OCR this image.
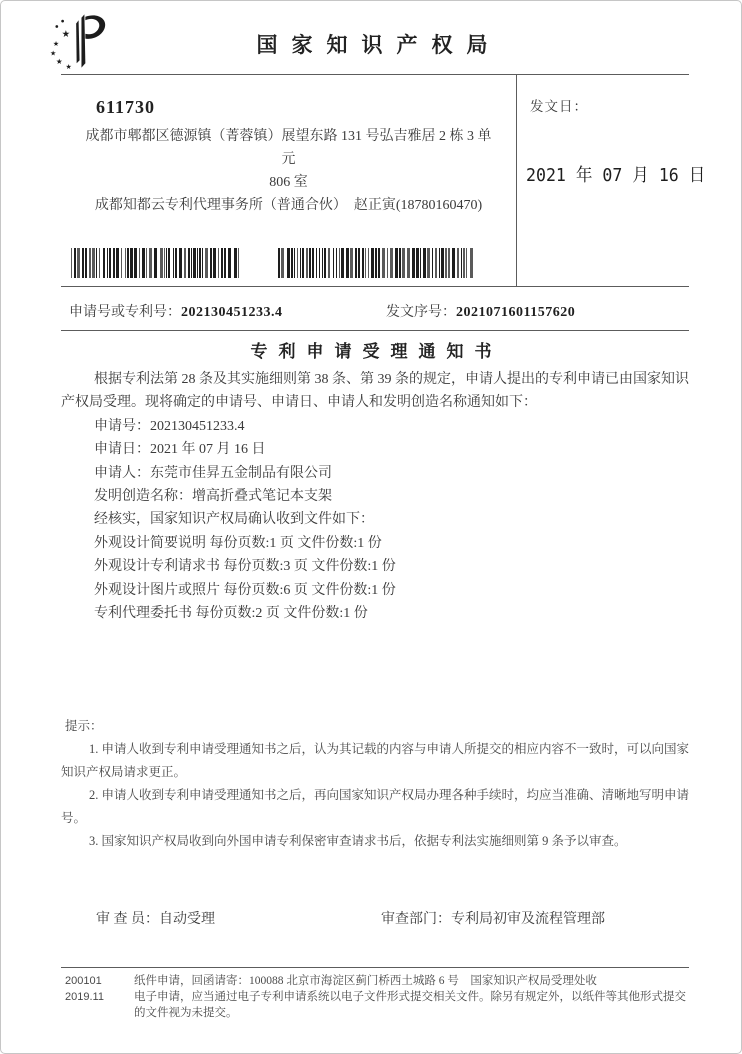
★
★
★
★
★
国家知识产权局
611730
成都市郫都区德源镇（菁蓉镇）展望东路 131 号弘吉雅居 2 栋 3 单元
806 室
成都知都云专利代理事务所（普通合伙）　赵正寅(18780160470)
发文日：
2021 年 07 月 16 日
申请号或专利号：202130451233.4	发文序号：2021071601157620
专利申请受理通知书

根据专利法第 28 条及其实施细则第 38 条、第 39 条的规定，申请人提出的专利申请已由国家知识产权局受理。现将确定的申请号、申请日、申请人和发明创造名称通知如下：

申请号：202130451233.4

申请日：2021 年 07 月 16 日

申请人：东莞市佳昇五金制品有限公司

发明创造名称：增高折叠式笔记本支架

经核实，国家知识产权局确认收到文件如下：

外观设计简要说明 每份页数:1 页 文件份数:1 份

外观设计专利请求书 每份页数:3 页 文件份数:1 份

外观设计图片或照片 每份页数:6 页 文件份数:1 份

专利代理委托书 每份页数:2 页 文件份数:1 份

提示：

1. 申请人收到专利申请受理通知书之后，认为其记载的内容与申请人所提交的相应内容不一致时，可以向国家知识产权局请求更正。

2. 申请人收到专利申请受理通知书之后，再向国家知识产权局办理各种手续时，均应当准确、清晰地写明申请号。

3. 国家知识产权局收到向外国申请专利保密审查请求书后，依据专利法实施细则第 9 条予以审查。

审 查 员：自动受理	审查部门：专利局初审及流程管理部
200101
2019.11
纸件申请，回函请寄：100088 北京市海淀区蓟门桥西土城路 6 号　国家知识产权局受理处收
电子申请，应当通过电子专利申请系统以电子文件形式提交相关文件。除另有规定外，以纸件等其他形式提交的文件视为未提交。
